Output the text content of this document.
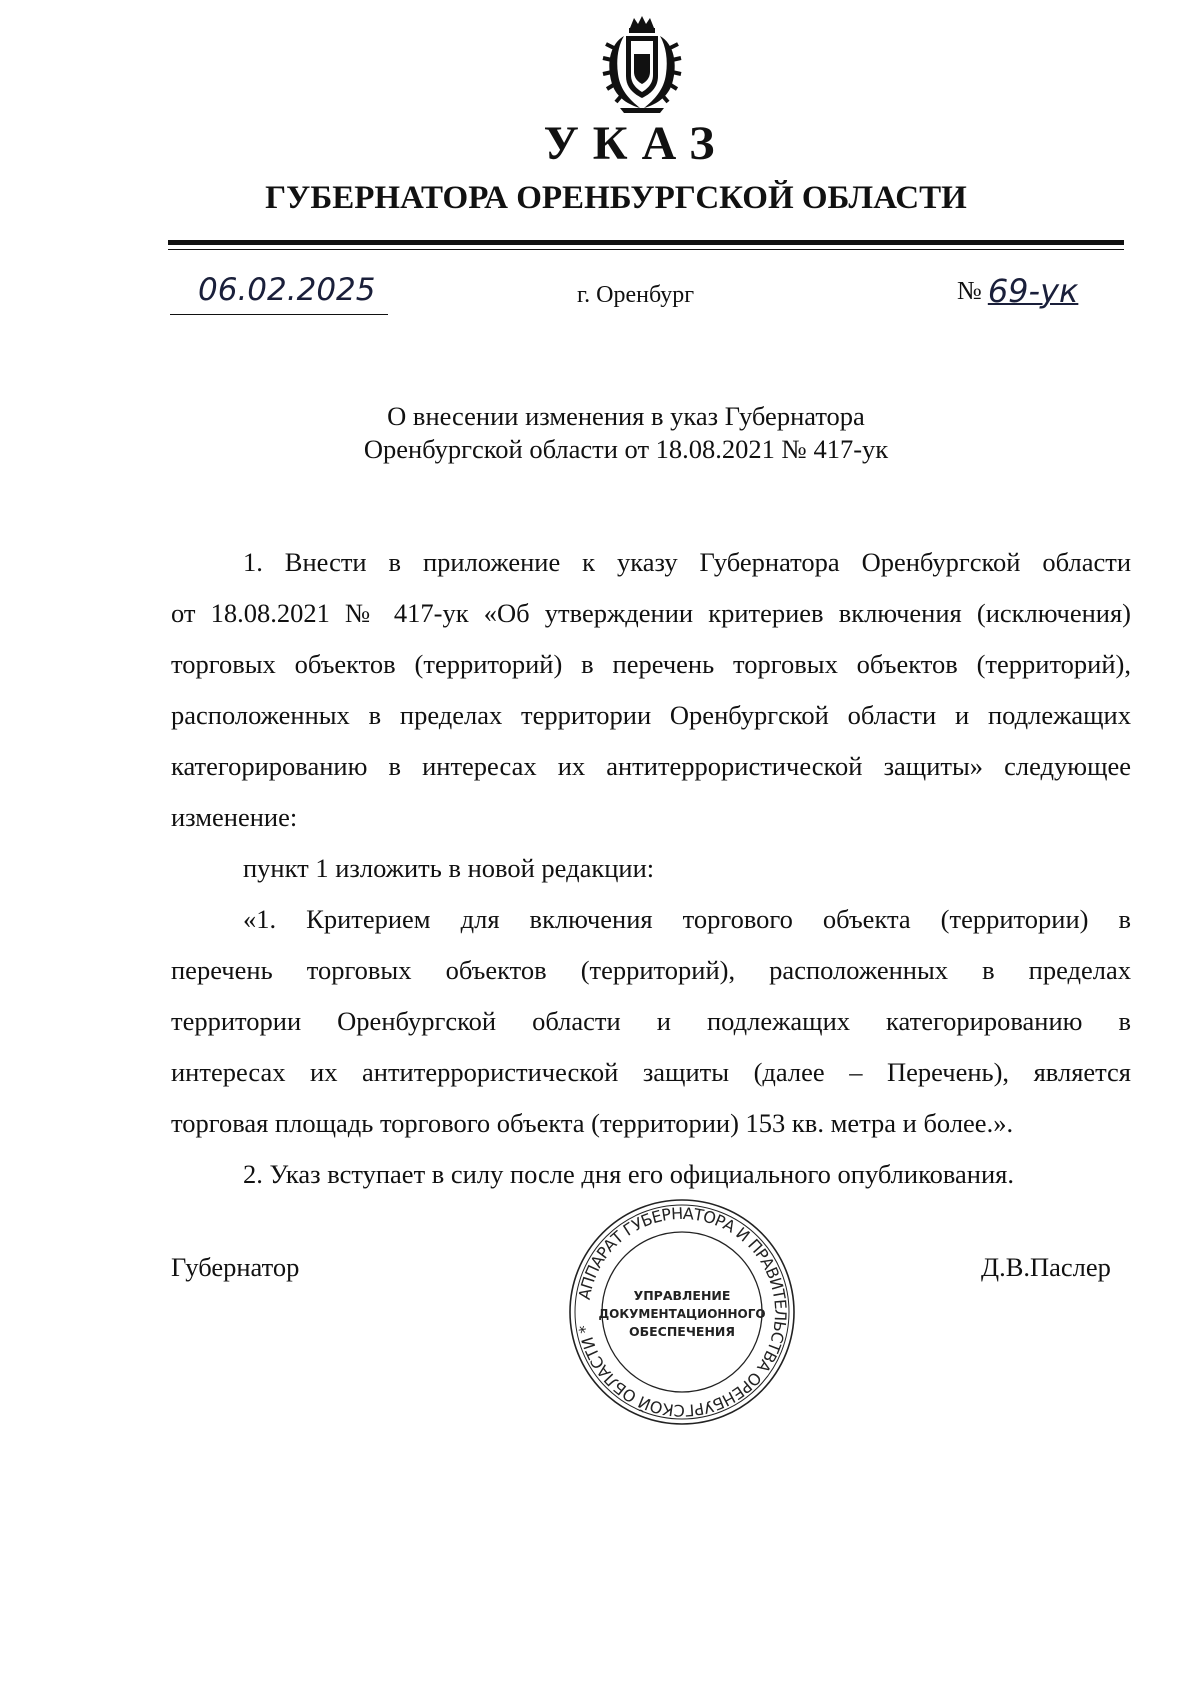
УКАЗ
ГУБЕРНАТОРА ОРЕНБУРГСКОЙ ОБЛАСТИ
06.02.2025	г. Оренбург	№ 69-ук
О внесении изменения в указ Губернатора
Оренбургской области от 18.08.2021 № 417-ук
1. Внести в приложение к указу Губернатора Оренбургской области
от 18.08.2021 № 417-ук «Об утверждении критериев включения (исключения)
торговых объектов (территорий) в перечень торговых объектов (территорий),
расположенных в пределах территории Оренбургской области и подлежащих
категорированию в интересах их антитеррористической защиты» следующее
изменение:
пункт 1 изложить в новой редакции:
«1. Критерием для включения торгового объекта (территории) в
перечень торговых объектов (территорий), расположенных в пределах
территории Оренбургской области и подлежащих категорированию в
интересах их антитеррористической защиты (далее – Перечень), является
торговая площадь торгового объекта (территории) 153 кв. метра и более.».
2. Указ вступает в силу после дня его официального опубликования.
Губернатор	Д.В.Паслер
АППАРАТ ГУБЕРНАТОРА И ПРАВИТЕЛЬСТВА ОРЕНБУРГСКОЙ ОБЛАСТИ *
УПРАВЛЕНИЕ
ДОКУМЕНТАЦИОННОГО
ОБЕСПЕЧЕНИЯ
